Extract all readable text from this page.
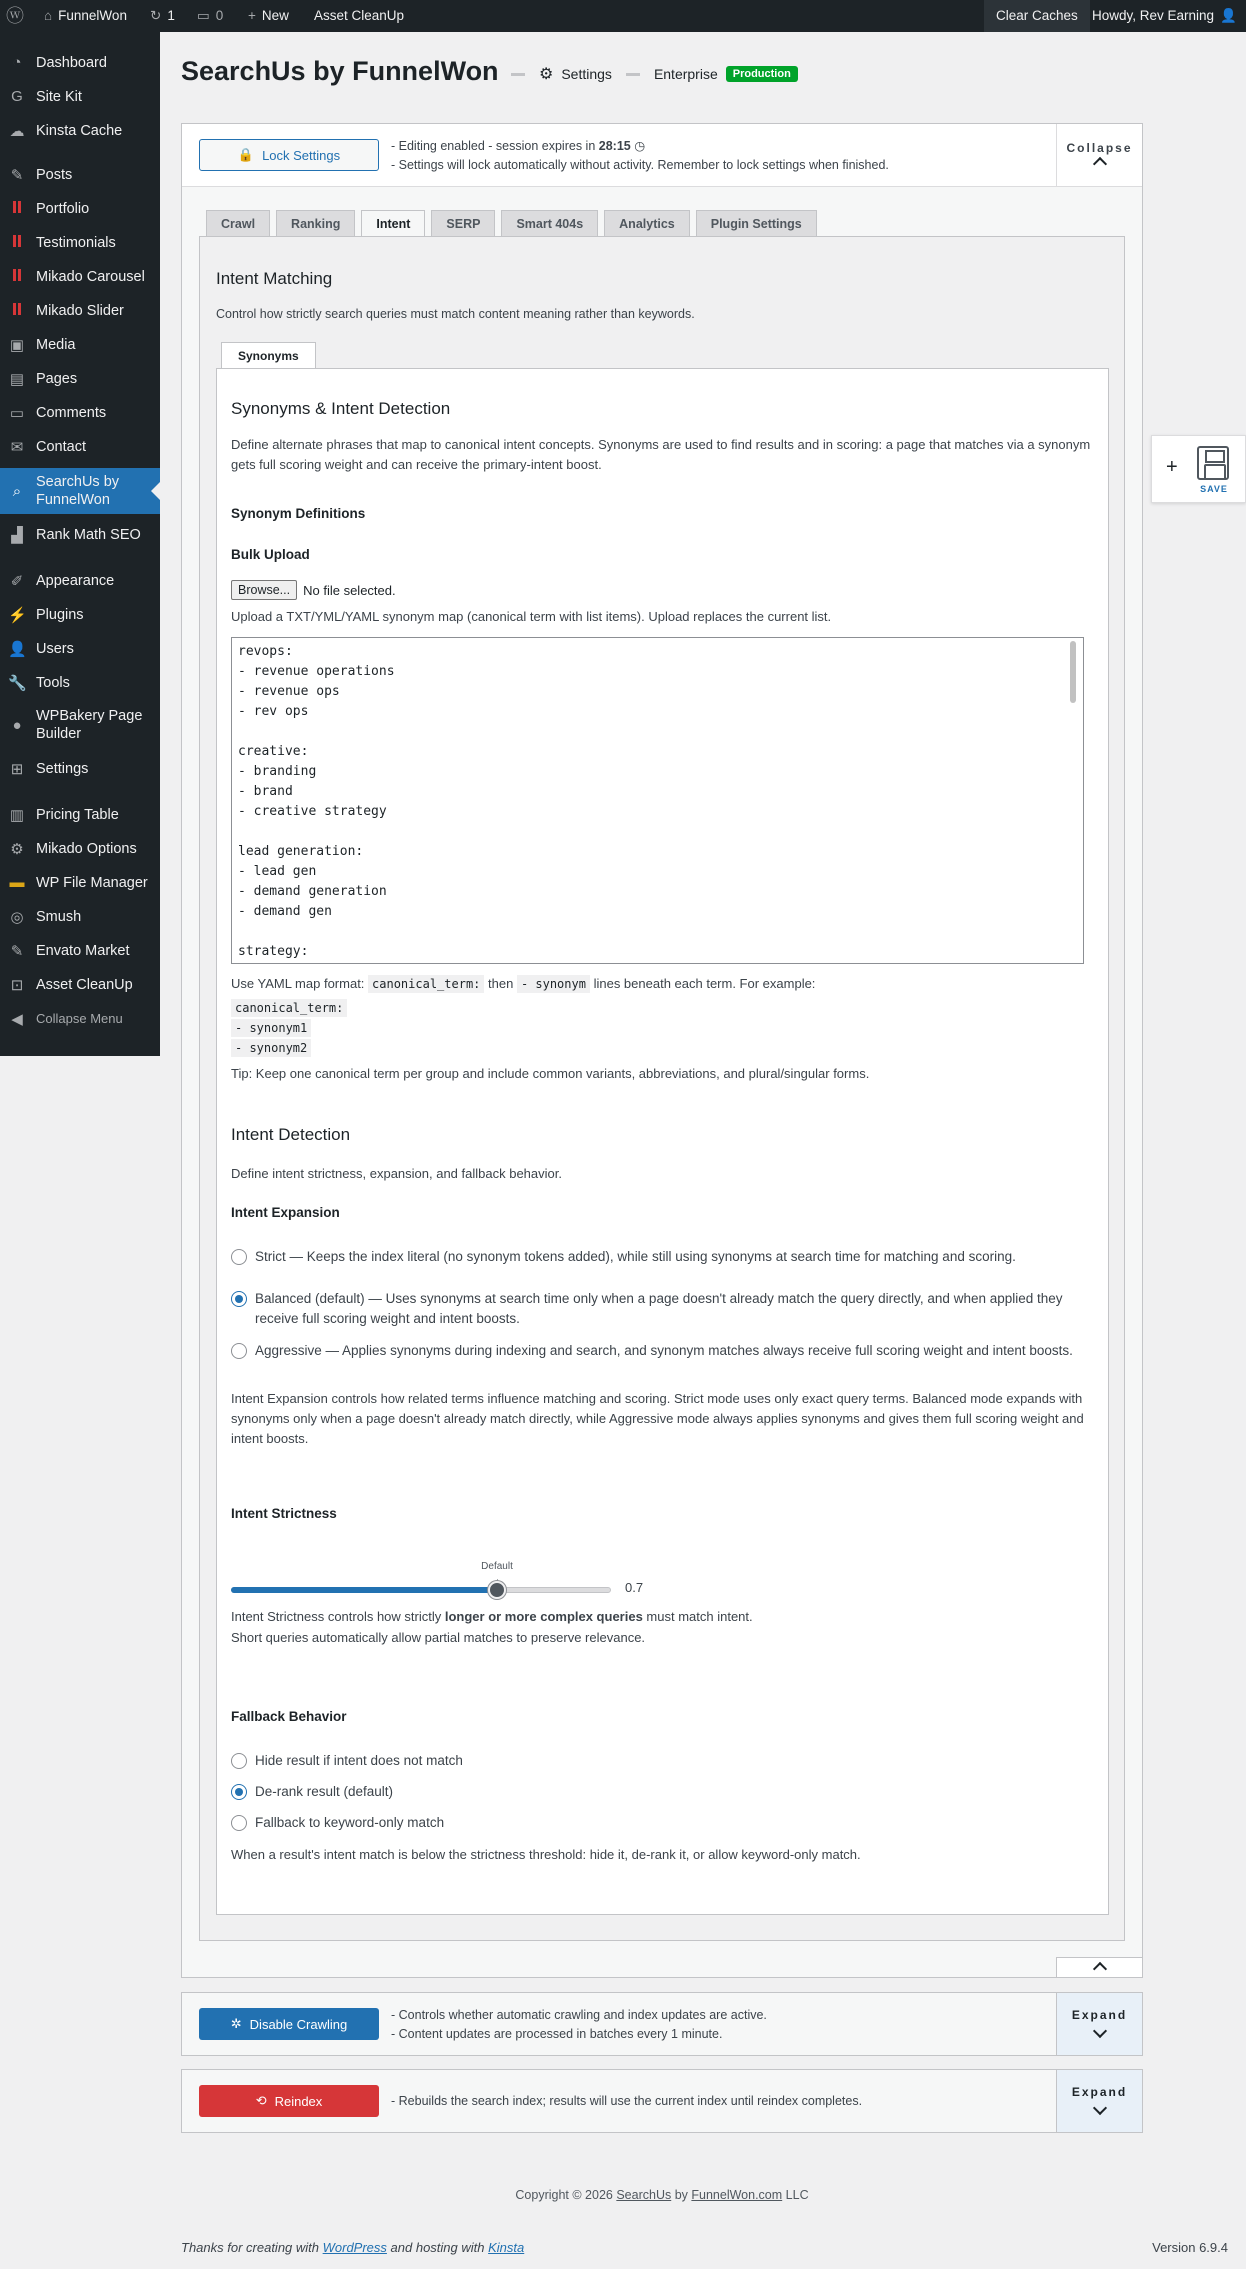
ⓦ ⌂ FunnelWon ↻ 1 ▭ 0 + New Asset CleanUp	Clear Caches Howdy, Rev Earning 👤
◔ Dashboard
G Site Kit
☁ Kinsta Cache
✎ Posts
Portfolio
Testimonials
Mikado Carousel
Mikado Slider
▣ Media
▤ Pages
▭ Comments
✉ Contact
⌕
SearchUs by FunnelWon
▟ Rank Math SEO
✐ Appearance
⚡ Plugins
👤 Users
🔧 Tools
●
WPBakery Page Builder
⊞ Settings
▥ Pricing Table
⚙ Mikado Options
▬ WP File Manager
◎ Smush
✎ Envato Market
⊡ Asset CleanUp
◀ Collapse Menu
SearchUs by FunnelWon	⚙ Settings	Enterprise	Production
+
SAVE
🔒 Lock Settings
- Editing enabled - session expires in 28:15 ◷
- Settings will lock automatically without activity. Remember to lock settings when finished.
Collapse
Crawl	Ranking	Intent	SERP	Smart 404s	Analytics	Plugin Settings
Intent Matching
Control how strictly search queries must match content meaning rather than keywords.
Synonyms
Synonyms & Intent Detection
Define alternate phrases that map to canonical intent concepts. Synonyms are used to find results and in scoring: a page that matches via a synonym gets full scoring weight and can receive the primary-intent boost.
Synonym Definitions
Bulk Upload
Browse...	No file selected.
Upload a TXT/YML/YAML synonym map (canonical term with list items). Upload replaces the current list.
revops:
- revenue operations
- revenue ops
- rev ops

creative:
- branding
- brand
- creative strategy

lead generation:
- lead gen
- demand generation
- demand gen

strategy:
Use YAML map format: canonical_term: then - synonym lines beneath each term. For example:
canonical_term:
- synonym1
- synonym2
Tip: Keep one canonical term per group and include common variants, abbreviations, and plural/singular forms.
Intent Detection
Define intent strictness, expansion, and fallback behavior.
Intent Expansion
Strict — Keeps the index literal (no synonym tokens added), while still using synonyms at search time for matching and scoring.
Balanced (default) — Uses synonyms at search time only when a page doesn't already match the query directly, and when applied they receive full scoring weight and intent boosts.
Aggressive — Applies synonyms during indexing and search, and synonym matches always receive full scoring weight and intent boosts.
Intent Expansion controls how related terms influence matching and scoring. Strict mode uses only exact query terms. Balanced mode expands with synonyms only when a page doesn't already match directly, while Aggressive mode always applies synonyms and gives them full scoring weight and intent boosts.
Intent Strictness
Default
0.7
Intent Strictness controls how strictly longer or more complex queries must match intent.
Short queries automatically allow partial matches to preserve relevance.
Fallback Behavior
Hide result if intent does not match
De-rank result (default)
Fallback to keyword-only match
When a result's intent match is below the strictness threshold: hide it, de-rank it, or allow keyword-only match.
✲ Disable Crawling
- Controls whether automatic crawling and index updates are active.
- Content updates are processed in batches every 1 minute.
Expand
⟲ Reindex	- Rebuilds the search index; results will use the current index until reindex completes.
Expand
Copyright © 2026 SearchUs by FunnelWon.com LLC
Thanks for creating with WordPress and hosting with Kinsta	Version 6.9.4
